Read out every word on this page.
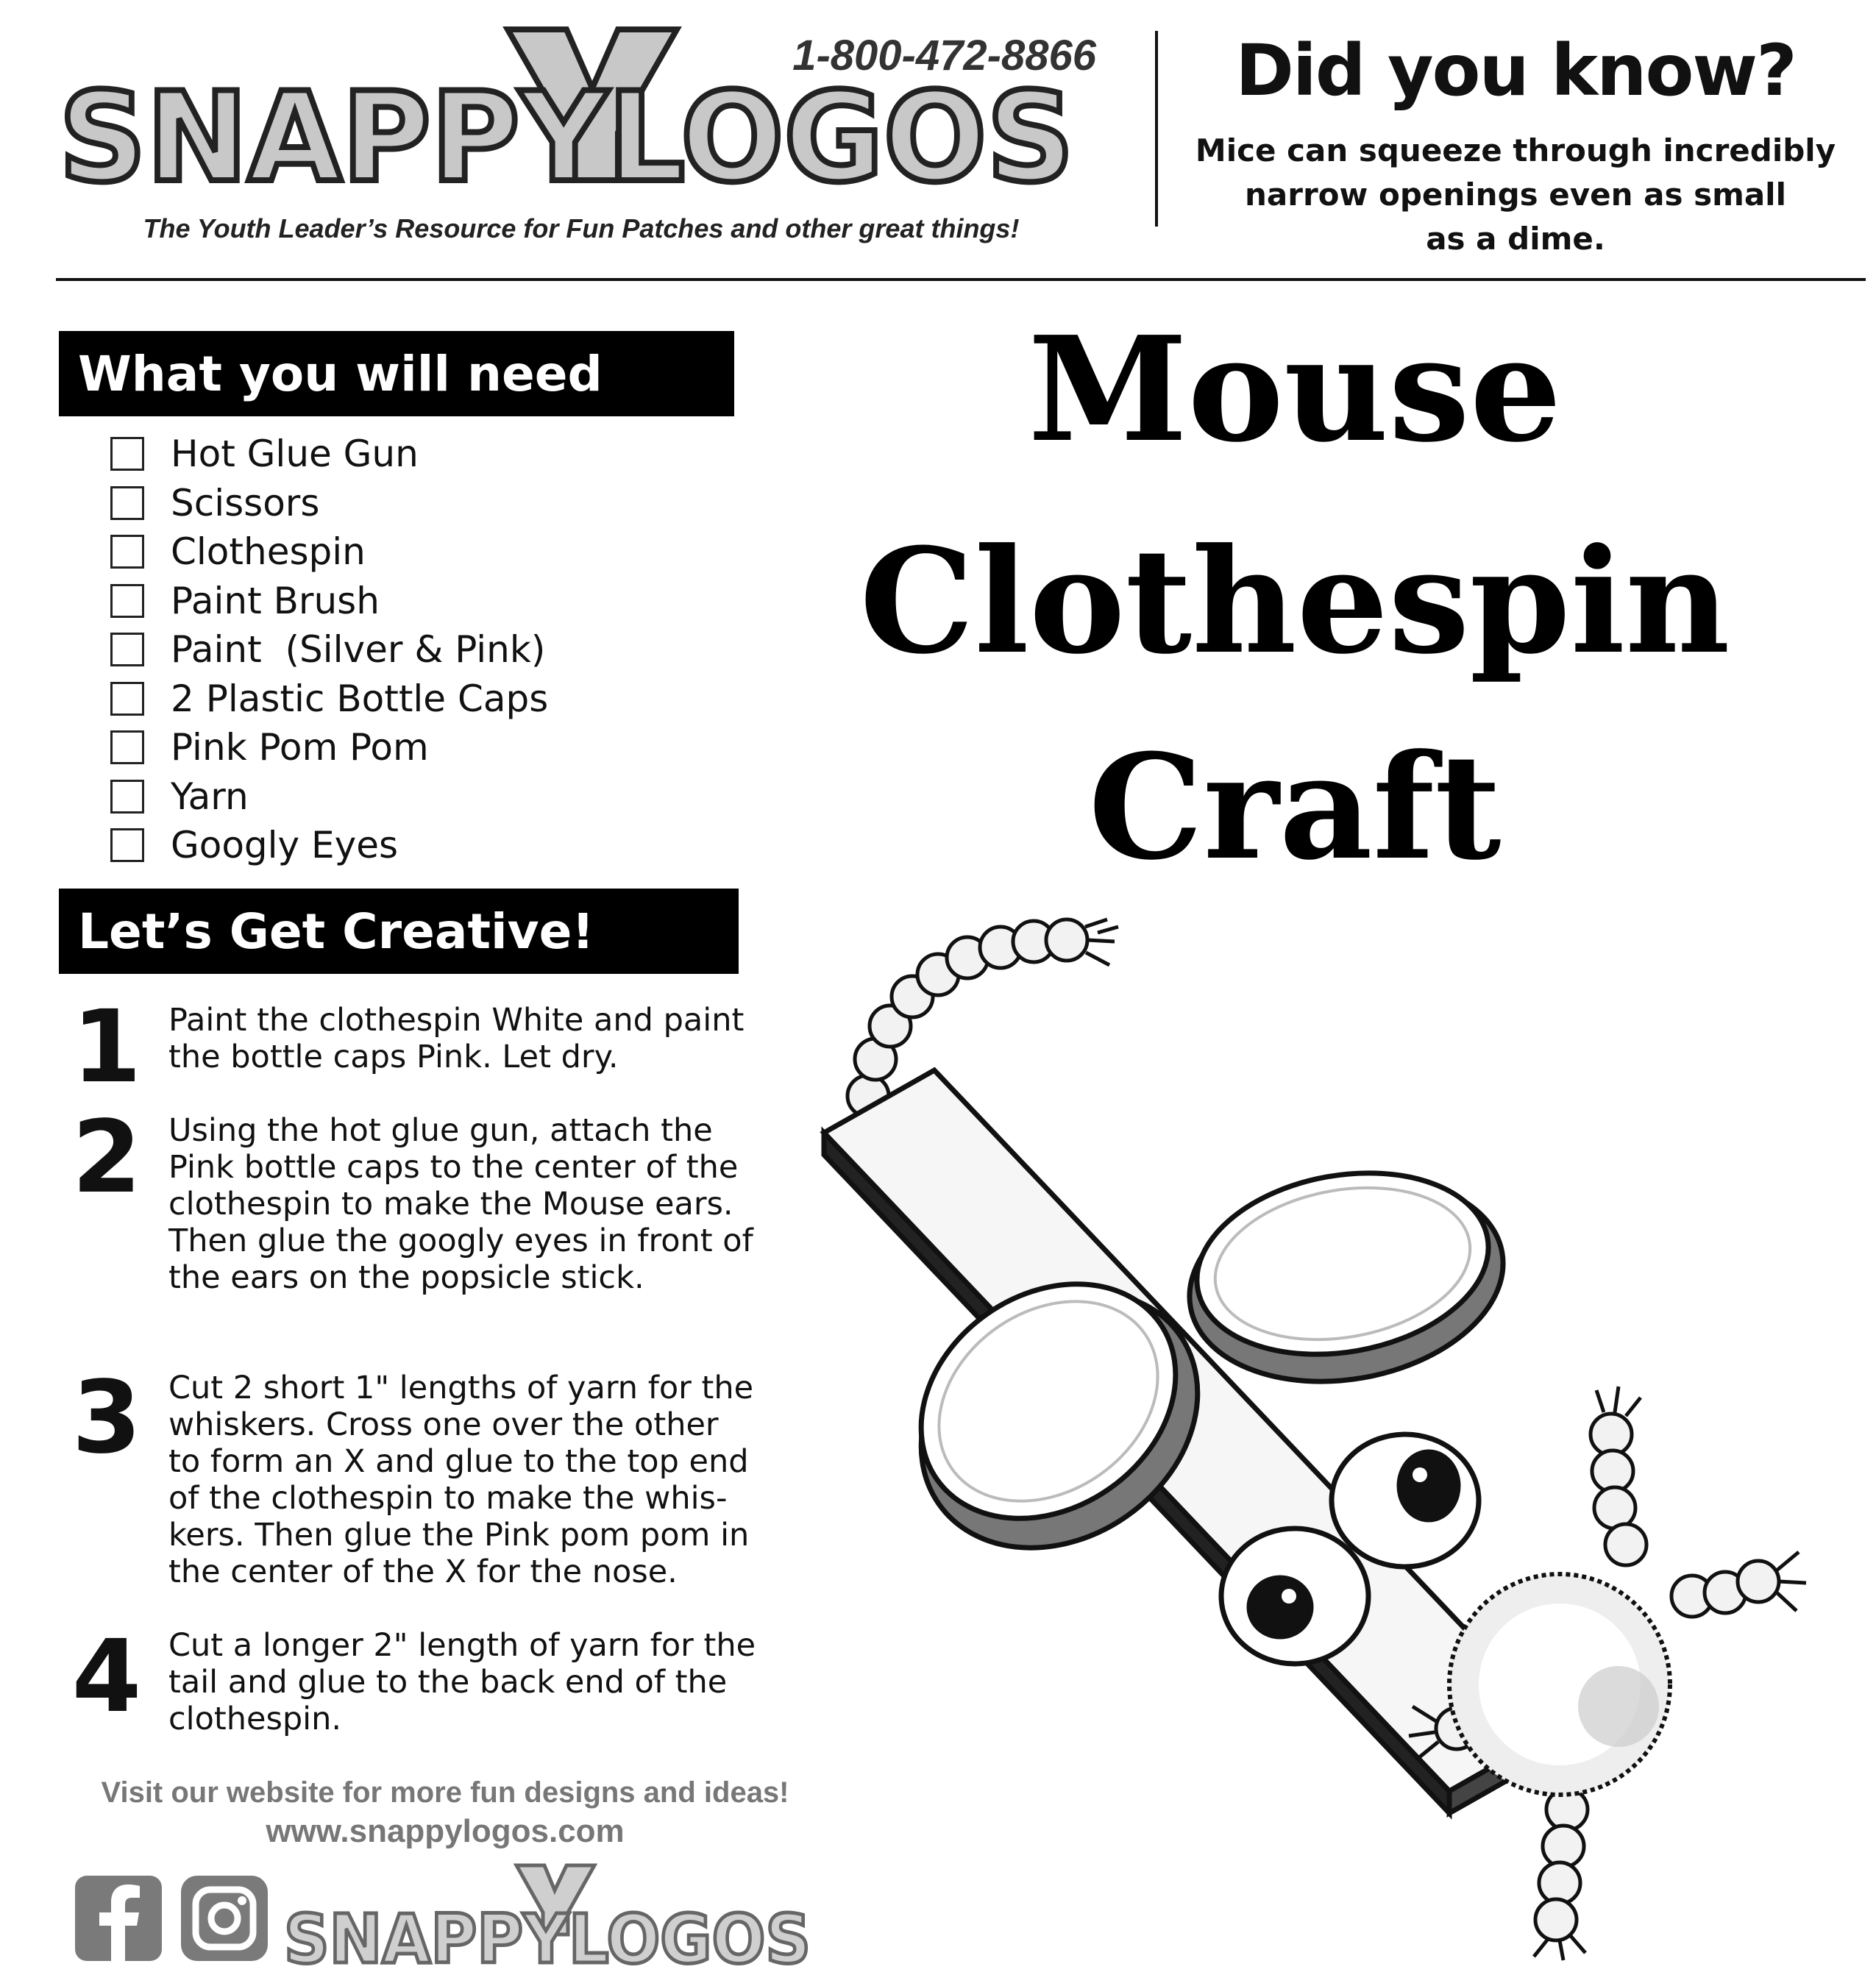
SNAPPYLOGOS
1-800-472-8866
The Youth Leader’s Resource for Fun Patches and other great things!
Did you know?
Mice can squeeze through incredibly
narrow openings even as small
as a dime.
What you will need
Hot Glue Gun
Scissors
Clothespin
Paint Brush
Paint  (Silver & Pink)
2 Plastic Bottle Caps
Pink Pom Pom
Yarn
Googly Eyes
Let’s Get Creative!
1 Paint the clothespin White and paint
the bottle caps Pink. Let dry.
2 Using the hot glue gun, attach the
Pink bottle caps to the center of the
clothespin to make the Mouse ears.
Then glue the googly eyes in front of
the ears on the popsicle stick.
3 Cut 2 short 1" lengths of yarn for the
whiskers. Cross one over the other
to form an X and glue to the top end
of the clothespin to make the whis-
kers. Then glue the Pink pom pom in
the center of the X for the nose.
4 Cut a longer 2" length of yarn for the
tail and glue to the back end of the
clothespin.
Visit our website for more fun designs and ideas!
www.snappylogos.com
SNAPPYLOGOS
Mouse
Clothespin
Craft
